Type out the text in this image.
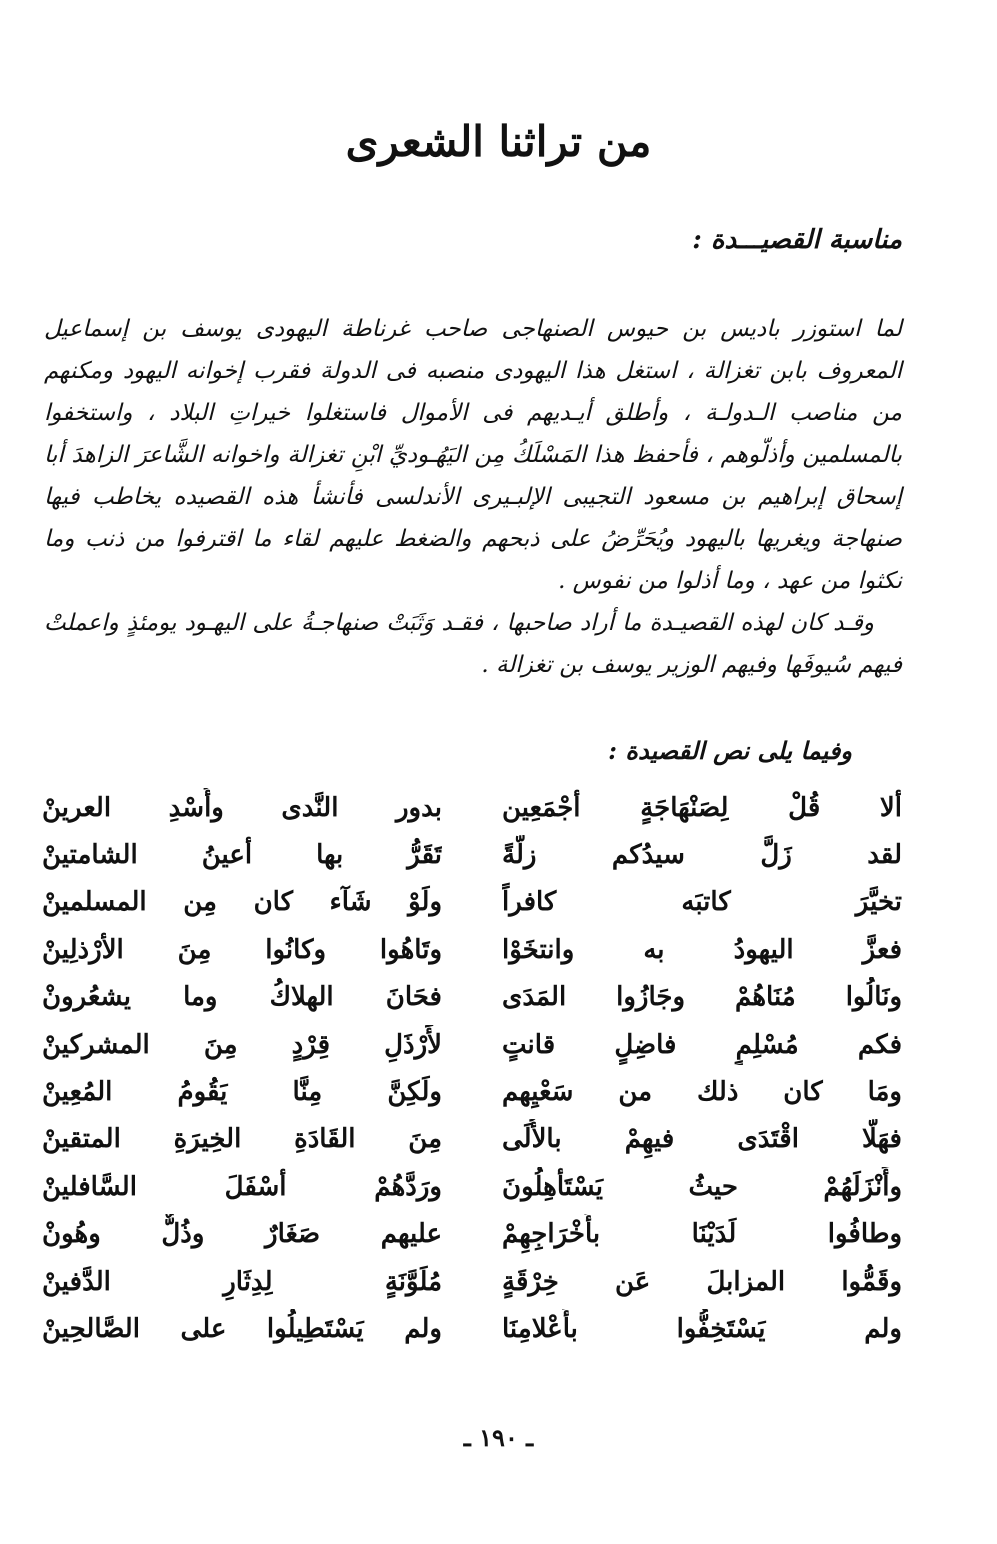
من تراثنا الشعرى
مناسبة القصيـــدة :

لما استوزر باديس بن حيوس الصنهاجى صاحب غرناطة اليهودى يوسف بن إسماعيل المعروف بابن تغزالة ، استغل هذا اليهودى منصبه فى الدولة فقرب إخوانه اليهود ومكنهم من مناصب الـدولـة ، وأطلق أيـديهم فى الأموال فاستغلوا خيراتِ البلاد ، واستخفوا بالمسلمين وأذلّوهم ، فأحفظ هذا المَسْلَكُ مِن اليَهُـوديِّ ابْنِ تغزالة واخوانه الشَّاعرَ الزاهدَ أبا إسحاق إبراهيم بن مسعود التجيبى الإلبـيرى الأندلسى فأنشأ هذه القصيده يخاطب فيها صنهاجة ويغريها باليهود ويُحَرِّضُ على ذبحهم والضغط عليهم لقاء ما اقترفوا من ذنب وما نكثوا من عهد ، وما أذلوا من نفوس .

وقـد كان لهذه القصيـدة ما أراد صاحبها ، فقـد وَثَبَتْ صنهاجـةُ على اليهـود يومئذٍ واعملتْ فيهم سُيوفَها وفيهم الوزير يوسف بن تغزالة .

وفيما يلى نص القصيدة :
ألا قُلْ لِصَنْهَاجَةٍ أجْمَعِين
بدور النَّدى وأُسْدِ العرينْ
لقد زَلَّ سيدُكم زلَّةً
تَقَرُّ بها أعينُ الشامتينْ
تخيَّرَ كاتبَه كافراً
ولَوْ شَآء كان مِن المسلمينْ
فعزَّ اليهودُ به وانتخَوْا
وتَاهُوا وكانُوا مِنَ الأرْذلِينْ
ونَالُوا مُنَاهُمْ وجَازُوا المَدَى
فحَانَ الهلاكُ وما يشعُرونْ
فكم مُسْلِمٍ فاضِلٍ قانتٍ
لأَرْذَلِ قِرْدٍ مِنَ المشركينْ
ومَا كان ذلك من سَعْيِهم
ولَكِنَّ مِنَّا يَقُومُ المُعِينْ
فهَلَّا اقْتَدَى فيهِمْ بالأُلَى
مِنَ القَادَةِ الخِيرَةِ المتقينْ
وأَنْزَلَهُمْ حيثُ يَسْتَأْهِلُونَ
ورَدَّهُمْ أسْفَلَ السَّافلينْ
وطافُوا لَدَيْنَا بأَخْرَاجِهِمْ
عليهم صَغَارٌ وذُلٌّ وهُونْ
وقَمُّوا المزابلَ عَن خِرْقَةٍ
مُلَوَّنَةٍ لِدِثَارِ الدَّفينْ
ولم يَسْتَخِفُّوا بأَعْلامِنَا
ولم يَسْتَطِيلُوا على الصَّالحِينْ
ـ ١٩٠ ـ
